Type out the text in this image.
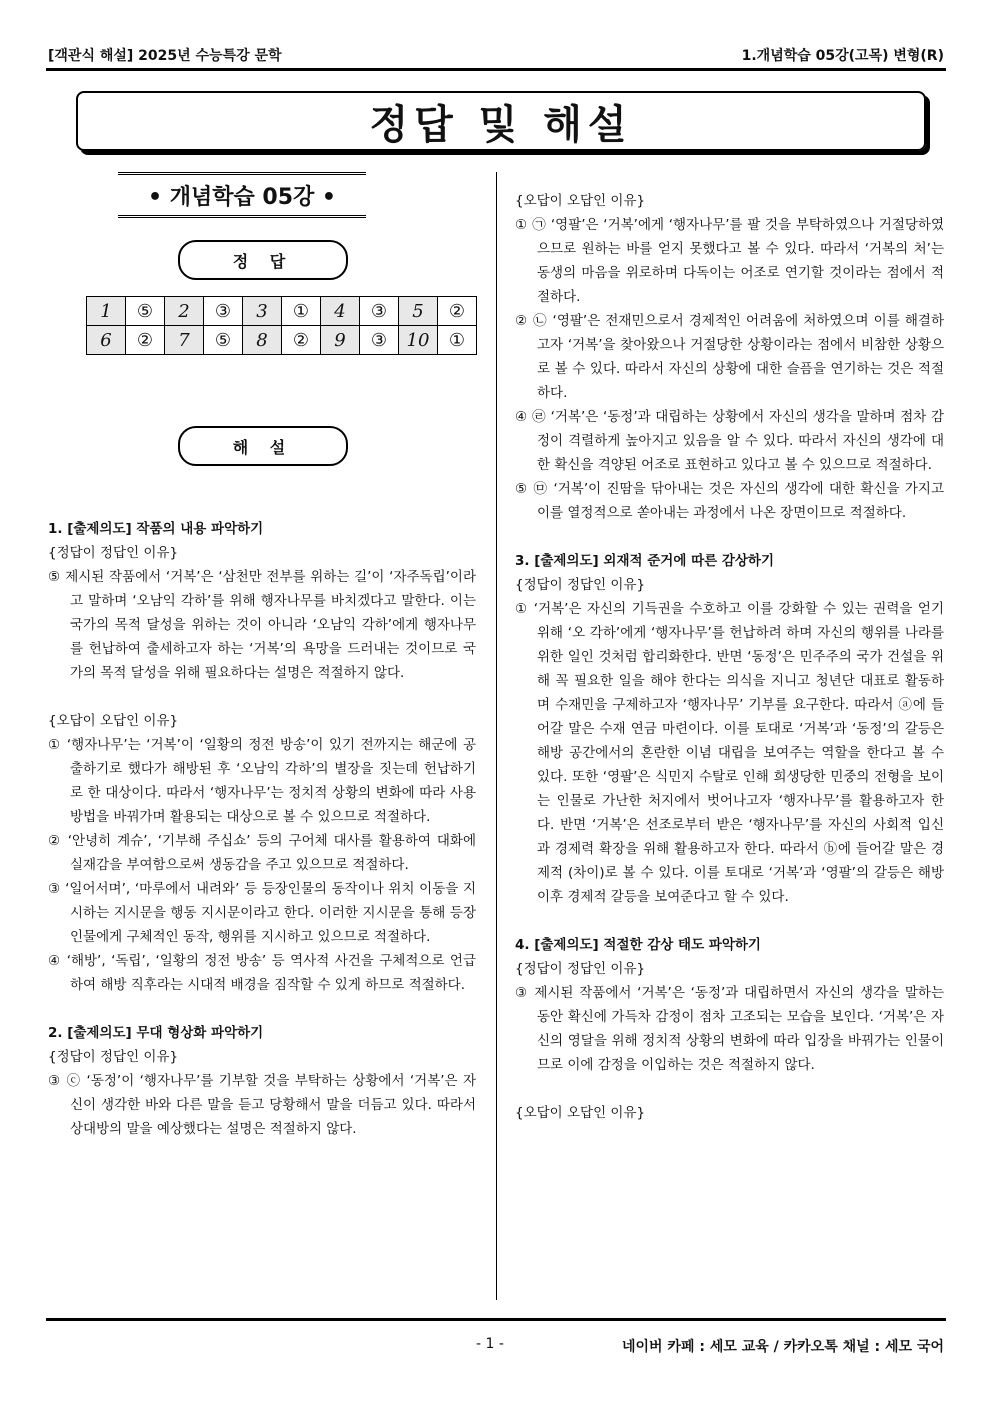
[객관식 해설] 2025년 수능특강 문학	1.개념학습 05강(고목) 변형(R)
정답 및 해설
• 개념학습 05강 •
정 답
1	⑤	2	③	3	①	4	③	5	②
6	②	7	⑤	8	②	9	③	10	①
해 설

1. [출제의도] 작품의 내용 파악하기

{정답이 정답인 이유}

⑤ 제시된 작품에서 ‘거복’은 ‘삼천만 전부를 위하는 길’이 ‘자주독립’이라고 말하며 ‘오남익 각하’를 위해 행자나무를 바치겠다고 말한다. 이는 국가의 목적 달성을 위하는 것이 아니라 ‘오남익 각하’에게 행자나무를 헌납하여 출세하고자 하는 ‘거복’의 욕망을 드러내는 것이므로 국가의 목적 달성을 위해 필요하다는 설명은 적절하지 않다.

{오답이 오답인 이유}

① ‘행자나무’는 ‘거복’이 ‘일황의 정전 방송’이 있기 전까지는 해군에 공출하기로 했다가 해방된 후 ‘오남익 각하’의 별장을 짓는데 헌납하기로 한 대상이다. 따라서 ‘행자나무’는 정치적 상황의 변화에 따라 사용 방법을 바꿔가며 활용되는 대상으로 볼 수 있으므로 적절하다.

② ‘안녕히 계슈’, ‘기부해 주십쇼’ 등의 구어체 대사를 활용하여 대화에 실재감을 부여함으로써 생동감을 주고 있으므로 적절하다.

③ ‘일어서며’, ‘마루에서 내려와’ 등 등장인물의 동작이나 위치 이동을 지시하는 지시문을 행동 지시문이라고 한다. 이러한 지시문을 통해 등장인물에게 구체적인 동작, 행위를 지시하고 있으므로 적절하다.

④ ‘해방’, ‘독립’, ‘일황의 정전 방송’ 등 역사적 사건을 구체적으로 언급하여 해방 직후라는 시대적 배경을 짐작할 수 있게 하므로 적절하다.

2. [출제의도] 무대 형상화 파악하기

{정답이 정답인 이유}

③ ⓒ ‘동정’이 ‘행자나무’를 기부할 것을 부탁하는 상황에서 ‘거복’은 자신이 생각한 바와 다른 말을 듣고 당황해서 말을 더듬고 있다. 따라서 상대방의 말을 예상했다는 설명은 적절하지 않다.

{오답이 오답인 이유}

① ㉠ ‘영팔’은 ‘거복’에게 ‘행자나무’를 팔 것을 부탁하였으나 거절당하였으므로 원하는 바를 얻지 못했다고 볼 수 있다. 따라서 ‘거복의 처’는 동생의 마음을 위로하며 다독이는 어조로 연기할 것이라는 점에서 적절하다.

② ㉡ ‘영팔’은 전재민으로서 경제적인 어려움에 처하였으며 이를 해결하고자 ‘거복’을 찾아왔으나 거절당한 상황이라는 점에서 비참한 상황으로 볼 수 있다. 따라서 자신의 상황에 대한 슬픔을 연기하는 것은 적절하다.

④ ㉣ ‘거복’은 ‘동정’과 대립하는 상황에서 자신의 생각을 말하며 점차 감정이 격렬하게 높아지고 있음을 알 수 있다. 따라서 자신의 생각에 대한 확신을 격양된 어조로 표현하고 있다고 볼 수 있으므로 적절하다.

⑤ ㉤ ‘거복’이 진땀을 닦아내는 것은 자신의 생각에 대한 확신을 가지고 이를 열정적으로 쏟아내는 과정에서 나온 장면이므로 적절하다.

3. [출제의도] 외재적 준거에 따른 감상하기

{정답이 정답인 이유}

① ‘거복’은 자신의 기득권을 수호하고 이를 강화할 수 있는 권력을 얻기 위해 ‘오 각하’에게 ‘행자나무’를 헌납하려 하며 자신의 행위를 나라를 위한 일인 것처럼 합리화한다. 반면 ‘동정’은 민주주의 국가 건설을 위해 꼭 필요한 일을 해야 한다는 의식을 지니고 청년단 대표로 활동하며 수재민을 구제하고자 ‘행자나무’ 기부를 요구한다. 따라서 ⓐ에 들어갈 말은 수재 연금 마련이다. 이를 토대로 ‘거복’과 ‘동정’의 갈등은 해방 공간에서의 혼란한 이념 대립을 보여주는 역할을 한다고 볼 수 있다. 또한 ‘영팔’은 식민지 수탈로 인해 희생당한 민중의 전형을 보이는 인물로 가난한 처지에서 벗어나고자 ‘행자나무’를 활용하고자 한다. 반면 ‘거복’은 선조로부터 받은 ‘행자나무’를 자신의 사회적 입신과 경제력 확장을 위해 활용하고자 한다. 따라서 ⓑ에 들어갈 말은 경제적 (차이)로 볼 수 있다. 이를 토대로 ‘거복’과 ‘영팔’의 갈등은 해방 이후 경제적 갈등을 보여준다고 할 수 있다.

4. [출제의도] 적절한 감상 태도 파악하기

{정답이 정답인 이유}

③ 제시된 작품에서 ‘거복’은 ‘동정’과 대립하면서 자신의 생각을 말하는 동안 확신에 가득차 감정이 점차 고조되는 모습을 보인다. ‘거복’은 자신의 영달을 위해 정치적 상황의 변화에 따라 입장을 바꿔가는 인물이므로 이에 감정을 이입하는 것은 적절하지 않다.

{오답이 오답인 이유}

- 1 -	네이버 카페 : 세모 교육 / 카카오톡 채널 : 세모 국어
